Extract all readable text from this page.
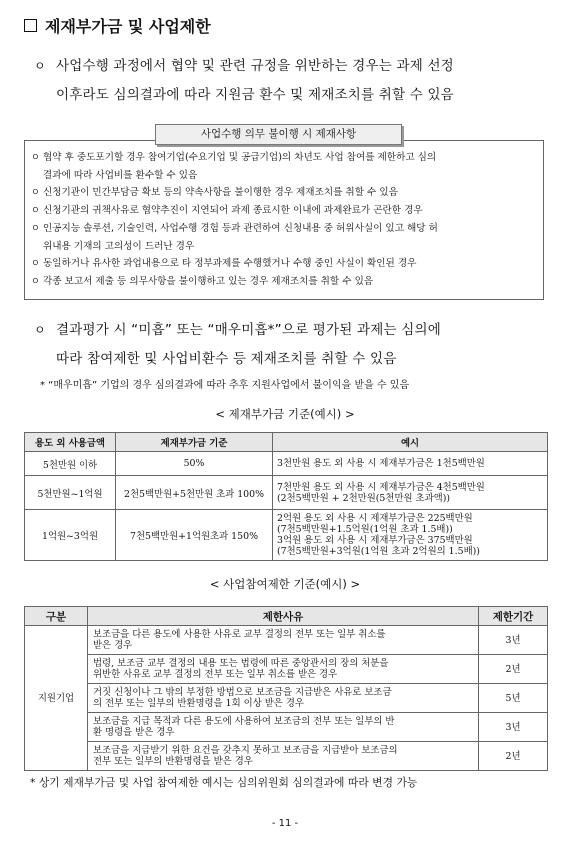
제재부가금 및 사업제한
ㅇ 사업수행 과정에서 협약 및 관련 규정을 위반하는 경우는 과제 선정
이후라도 심의결과에 따라 지원금 환수 및 제재조치를 취할 수 있음
ㅇ 협약 후 중도포기할 경우 참여기업(수요기업 및 공급기업)의 차년도 사업 참여를 제한하고 심의
결과에 따라 사업비를 환수할 수 있음
ㅇ 신청기관이 민간부담금 확보 등의 약속사항을 불이행한 경우 제재조치를 취할 수 있음
ㅇ 신청기관의 귀책사유로 협약추진이 지연되어 과제 종료시한 이내에 과제완료가 곤란한 경우
ㅇ 인공지능 솔루션, 기술인력, 사업수행 경험 등과 관련하여 신청내용 중 허위사실이 있고 해당 허
위내용 기재의 고의성이 드러난 경우
ㅇ 동일하거나 유사한 과업내용으로 타 정부과제를 수행했거나 수행 중인 사실이 확인된 경우
ㅇ 각종 보고서 제출 등 의무사항을 불이행하고 있는 경우 제재조치를 취할 수 있음
사업수행 의무 불이행 시 제재사항
ㅇ 결과평가 시 “미흡” 또는 “매우미흡*”으로 평가된 과제는 심의에
따라 참여제한 및 사업비환수 등 제재조치를 취할 수 있음
* “매우미흡” 기업의 경우 심의결과에 따라 추후 지원사업에서 불이익을 받을 수 있음
< 제재부가금 기준(예시) >
용도 외 사용금액	제재부가금 기준	예시
5천만원 이하	50%	3천만원 용도 외 사용 시 제재부가금은 1천5백만원

5천만원~1억원	2천5백만원+5천만원 초과 100%	7천만원 용도 외 사용 시 제재부가금은 4천5백만원
(2천5백만원 + 2천만원(5천만원 초과액))

1억원~3억원	7천5백만원+1억원초과 150%	2억원 용도 외 사용 시 제재부가금은 225백만원
(7천5백만원+1.5억원(1억원 초과 1.5배))
3억원 용도 외 사용 시 제재부가금은 375백만원
(7천5백만원+3억원(1억원 초과 2억원의 1.5배))
< 사업참여제한 기준(예시) >
구분	제한사유	제한기간
지원기업	보조금을 다른 용도에 사용한 사유로 교부 결정의 전부 또는 일부 취소를
받은 경우	3년

	법령, 보조금 교부 결정의 내용 또는 법령에 따른 중앙관서의 장의 처분을
위반한 사유로 교부 결정의 전부 또는 일부 취소를 받은 경우	2년

	거짓 신청이나 그 밖의 부정한 방법으로 보조금을 지급받은 사유로 보조금
의 전부 또는 일부의 반환명령을 1회 이상 받은 경우	5년

	보조금을 지급 목적과 다른 용도에 사용하여 보조금의 전부 또는 일부의 반
환 명령을 받은 경우	3년

	보조금을 지급받기 위한 요건을 갖추지 못하고 보조금을 지급받아 보조금의
전부 또는 일부의 반환명령을 받은 경우	2년
* 상기 제재부가금 및 사업 참여제한 예시는 심의위원회 심의결과에 따라 변경 가능
- 11 -
